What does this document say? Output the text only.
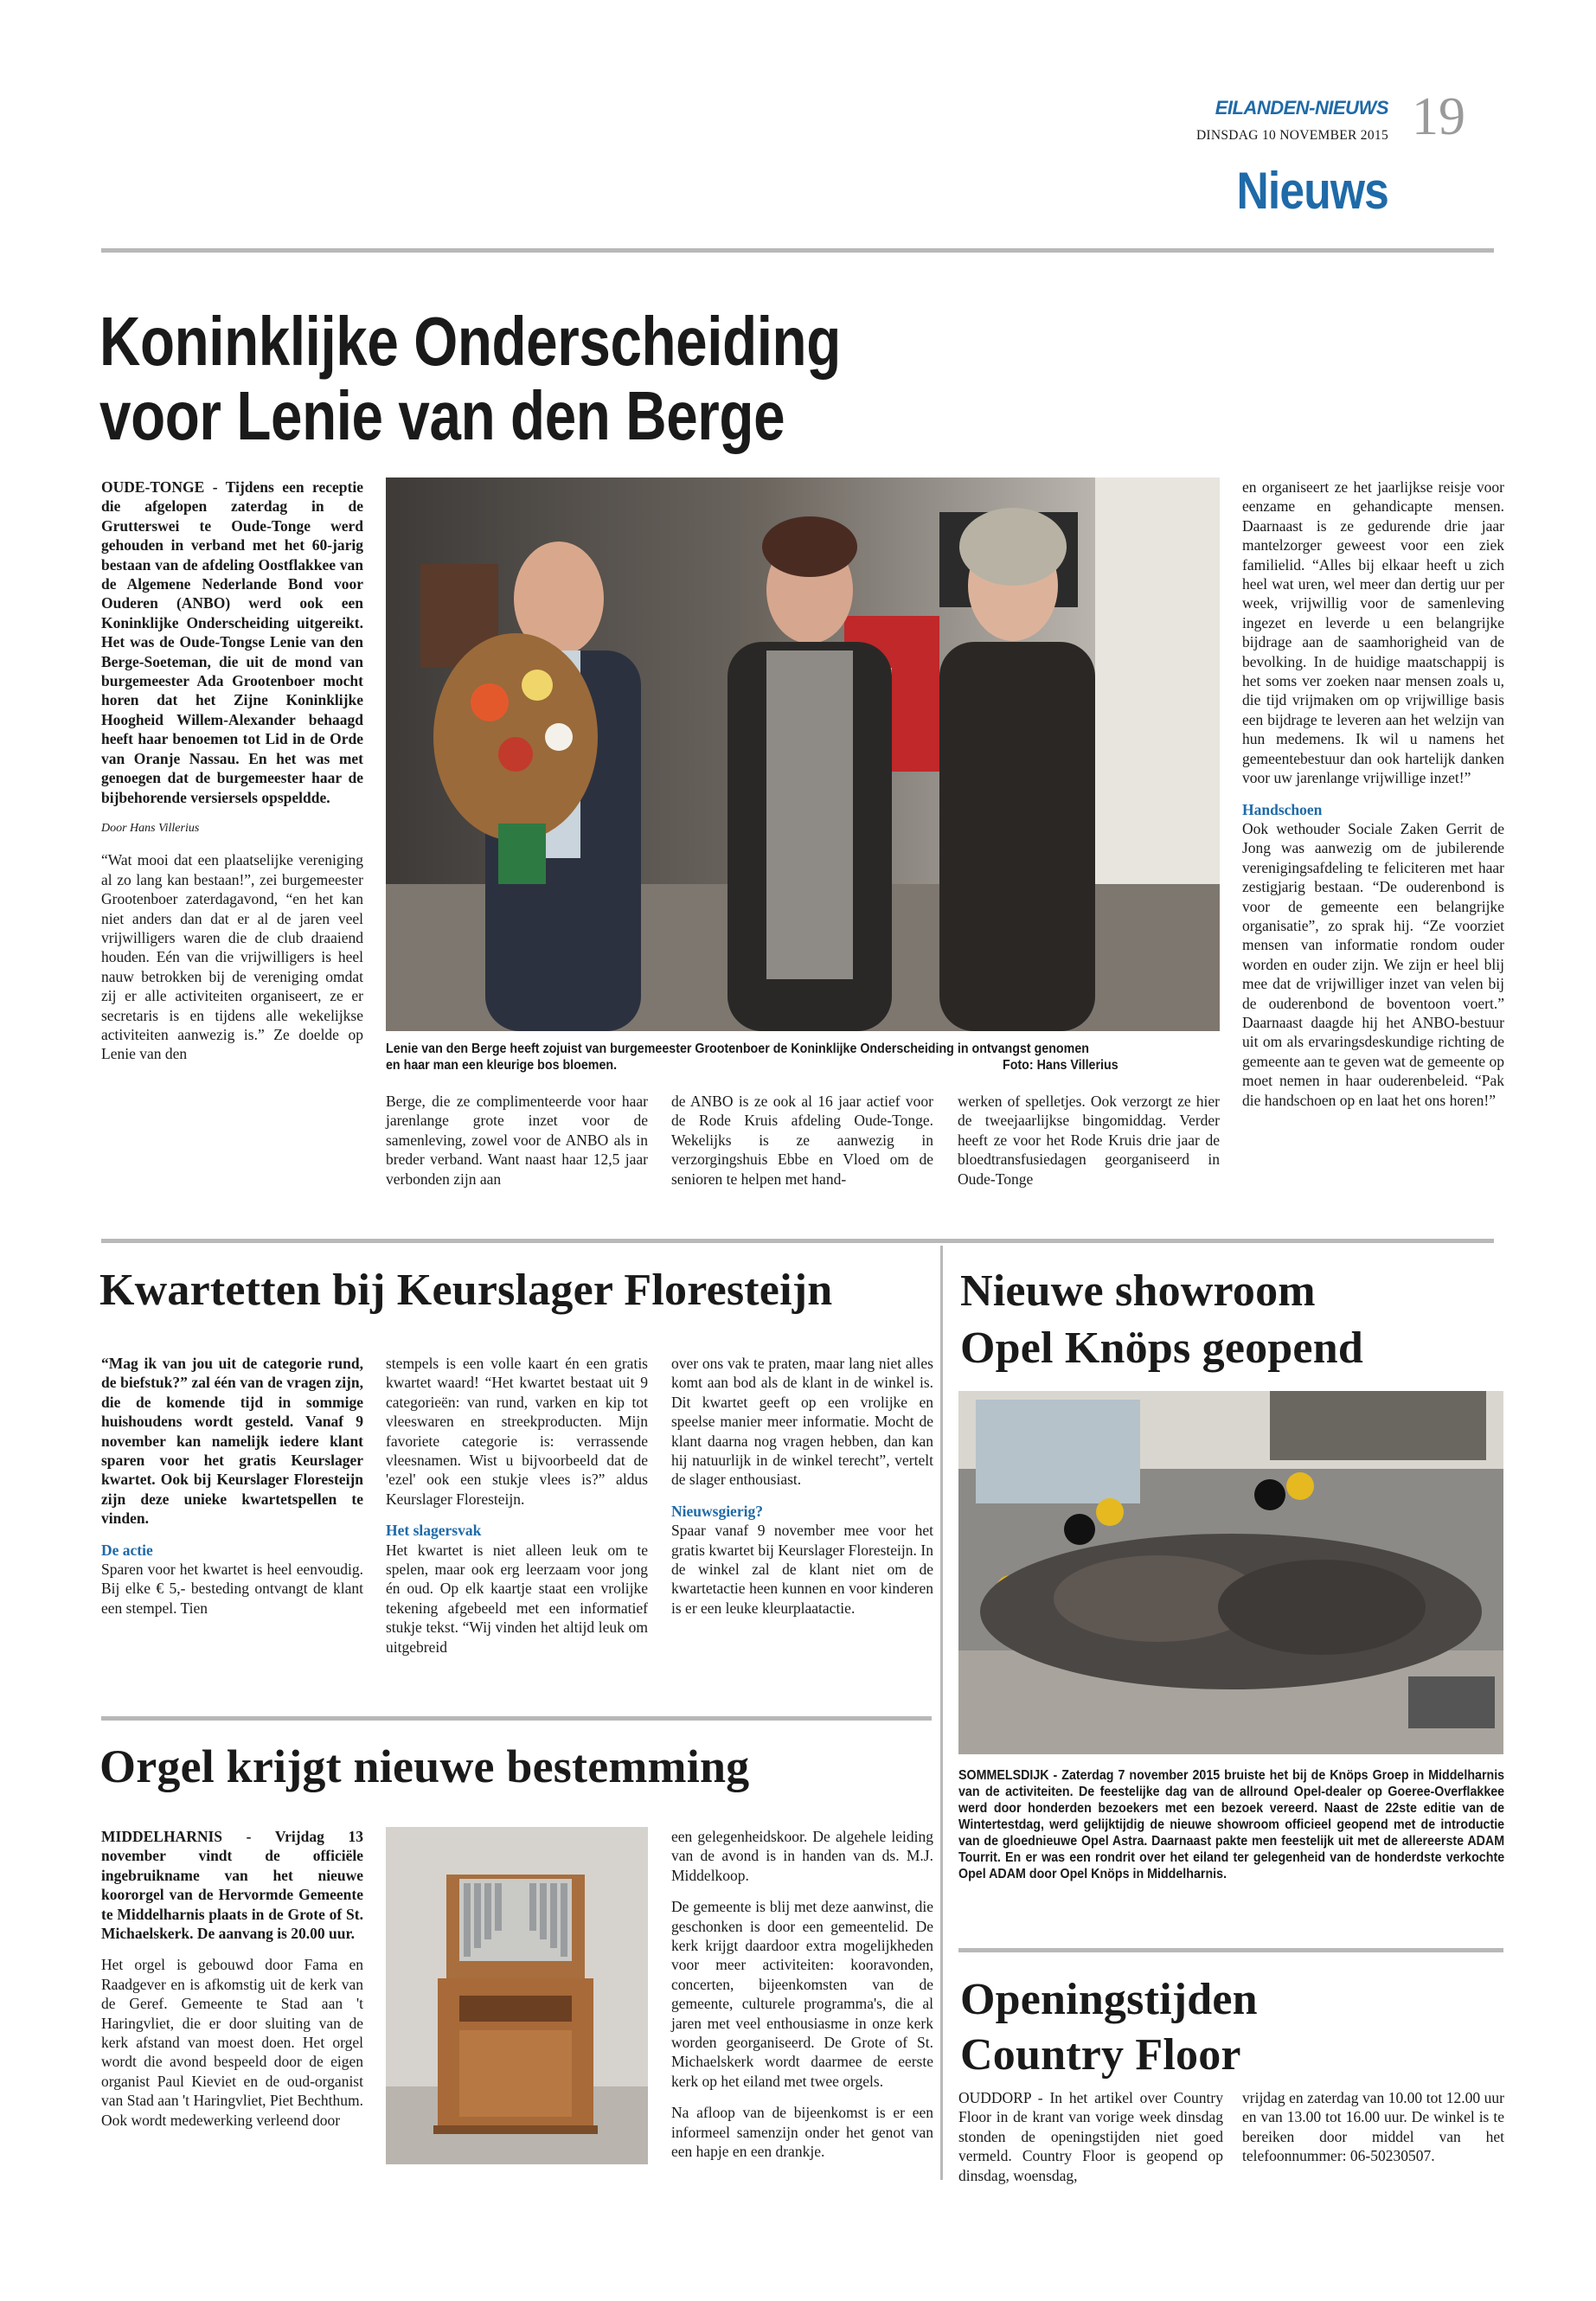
EILANDEN-NIEUWS
DINSDAG 10 NOVEMBER 2015 19
Nieuws
Koninklijke Onderscheiding
voor Lenie van den Berge

OUDE-TONGE - Tijdens een receptie die afgelopen zaterdag in de Grutterswei te Oude-Tonge werd gehouden in verband met het 60-jarig bestaan van de afdeling Oostflakkee van de Algemene Nederlande Bond voor Ouderen (ANBO) werd ook een Koninklijke Onderscheiding uitgereikt. Het was de Oude-Tongse Lenie van den Berge-Soeteman, die uit de mond van burgemeester Ada Grootenboer mocht horen dat het Zijne Koninklijke Hoogheid Willem-Alexander behaagd heeft haar benoemen tot Lid in de Orde van Oranje Nassau. En het was met genoegen dat de burgemeester haar de bijbehorende versiersels opspeldde.

Door Hans Villerius

“Wat mooi dat een plaatselijke vereniging al zo lang kan bestaan!”, zei burgemeester Grootenboer zaterdagavond, “en het kan niet anders dan dat er al de jaren veel vrijwilligers waren die de club draaiend houden. Eén van die vrijwilligers is heel nauw betrokken bij de vereniging omdat zij er alle activiteiten organiseert, ze er secretaris is en tijdens alle wekelijkse activiteiten aanwezig is.” Ze doelde op Lenie van den	Lenie van den Berge heeft zojuist van burgemeester Grootenboer de Koninklijke Onderscheiding in ontvangst genomen
en haar man een kleurige bos bloemen.	Foto: Hans Villerius

Berge, die ze complimenteerde voor haar jarenlange grote inzet voor de samenleving, zowel voor de ANBO als in breder verband. Want naast haar 12,5 jaar verbonden zijn aan

de ANBO is ze ook al 16 jaar actief voor de Rode Kruis afdeling Oude-Tonge. Wekelijks is ze aanwezig in verzorgingshuis Ebbe en Vloed om de senioren te helpen met hand-

werken of spelletjes. Ook verzorgt ze hier de tweejaarlijkse bingomiddag. Verder heeft ze voor het Rode Kruis drie jaar de bloedtransfusiedagen georganiseerd in Oude-Tonge

en organiseert ze het jaarlijkse reisje voor eenzame en gehandicapte mensen. Daarnaast is ze gedurende drie jaar mantelzorger geweest voor een ziek familielid. “Alles bij elkaar heeft u zich heel wat uren, wel meer dan dertig uur per week, vrijwillig voor de samenleving ingezet en leverde u een belangrijke bijdrage aan de saamhorigheid van de bevolking. In de huidige maatschappij is het soms ver zoeken naar mensen zoals u, die tijd vrijmaken om op vrijwillige basis een bijdrage te leveren aan het welzijn van hun medemens. Ik wil u namens het gemeentebestuur dan ook hartelijk danken voor uw jarenlange vrijwillige inzet!”

Handschoen

Ook wethouder Sociale Zaken Gerrit de Jong was aanwezig om de jubilerende verenigingsafdeling te feliciteren met haar zestigjarig bestaan. “De ouderenbond is voor de gemeente een belangrijke organisatie”, zo sprak hij. “Ze voorziet mensen van informatie rondom ouder worden en ouder zijn. We zijn er heel blij mee dat de vrijwilliger inzet van velen bij de ouderenbond de boventoon voert.” Daarnaast daagde hij het ANBO-bestuur uit om als ervaringsdeskundige richting de gemeente aan te geven wat de gemeente op moet nemen in haar ouderenbeleid. “Pak die handschoen op en laat het ons horen!”

Kwartetten bij Keurslager Floresteijn

“Mag ik van jou uit de categorie rund, de biefstuk?” zal één van de vragen zijn, die de komende tijd in sommige huishoudens wordt gesteld. Vanaf 9 november kan namelijk iedere klant sparen voor het gratis Keurslager kwartet. Ook bij Keurslager Floresteijn zijn deze unieke kwartetspellen te vinden.

De actie

Sparen voor het kwartet is heel eenvoudig. Bij elke € 5,- besteding ontvangt de klant een stempel. Tien

stempels is een volle kaart én een gratis kwartet waard! “Het kwartet bestaat uit 9 categorieën: van rund, varken en kip tot vleeswaren en streekproducten. Mijn favoriete categorie is: verrassende vleesnamen. Wist u bijvoorbeeld dat de 'ezel' ook een stukje vlees is?” aldus Keurslager Floresteijn.

Het slagersvak

Het kwartet is niet alleen leuk om te spelen, maar ook erg leerzaam voor jong én oud. Op elk kaartje staat een vrolijke tekening afgebeeld met een informatief stukje tekst. “Wij vinden het altijd leuk om uitgebreid

over ons vak te praten, maar lang niet alles komt aan bod als de klant in de winkel is. Dit kwartet geeft op een vrolijke en speelse manier meer informatie. Mocht de klant daarna nog vragen hebben, dan kan hij natuurlijk in de winkel terecht”, vertelt de slager enthousiast.

Nieuwsgierig?

Spaar vanaf 9 november mee voor het gratis kwartet bij Keurslager Floresteijn. In de winkel zal de klant niet om de kwartetactie heen kunnen en voor kinderen is er een leuke kleurplaatactie.

Nieuwe showroom
Opel Knöps geopend
SOMMELSDIJK - Zaterdag 7 november 2015 bruiste het bij de Knöps Groep in Middelharnis van de activiteiten. De feestelijke dag van de allround Opel-dealer op Goeree-Overflakkee werd door honderden bezoekers met een bezoek vereerd. Naast de 22ste editie van de Wintertestdag, werd gelijktijdig de nieuwe showroom officieel geopend met de introductie van de gloednieuwe Opel Astra. Daarnaast pakte men feestelijk uit met de allereerste ADAM Tourrit. En er was een rondrit over het eiland ter gelegenheid van de honderdste verkochte Opel ADAM door Opel Knöps in Middelharnis.
Orgel krijgt nieuwe bestemming

MIDDELHARNIS - Vrijdag 13 november vindt de officiële ingebruikname van het nieuwe koororgel van de Hervormde Gemeente te Middelharnis plaats in de Grote of St. Michaelskerk. De aanvang is 20.00 uur.

Het orgel is gebouwd door Fama en Raadgever en is afkomstig uit de kerk van de Geref. Gemeente te Stad aan 't Haringvliet, die er door sluiting van de kerk afstand van moest doen. Het orgel wordt die avond bespeeld door de eigen organist Paul Kieviet en de oud-organist van Stad aan 't Haringvliet, Piet Bechthum. Ook wordt medewerking verleend door

een gelegenheidskoor. De algehele leiding van de avond is in handen van ds. M.J. Middelkoop.

De gemeente is blij met deze aanwinst, die geschonken is door een gemeentelid. De kerk krijgt daardoor extra mogelijkheden voor meer activiteiten: kooravonden, concerten, bijeenkomsten van de gemeente, culturele programma's, die al jaren met veel enthousiasme in onze kerk worden georganiseerd. De Grote of St. Michaelskerk wordt daarmee de eerste kerk op het eiland met twee orgels.

Na afloop van de bijeenkomst is er een informeel samenzijn onder het genot van een hapje en een drankje.

Openingstijden
Country Floor

OUDDORP - In het artikel over Country Floor in de krant van vorige week dinsdag stonden de openingstijden niet goed vermeld. Country Floor is geopend op dinsdag, woensdag,

vrijdag en zaterdag van 10.00 tot 12.00 uur en van 13.00 tot 16.00 uur. De winkel is te bereiken door middel van het telefoonnummer: 06-50230507.
